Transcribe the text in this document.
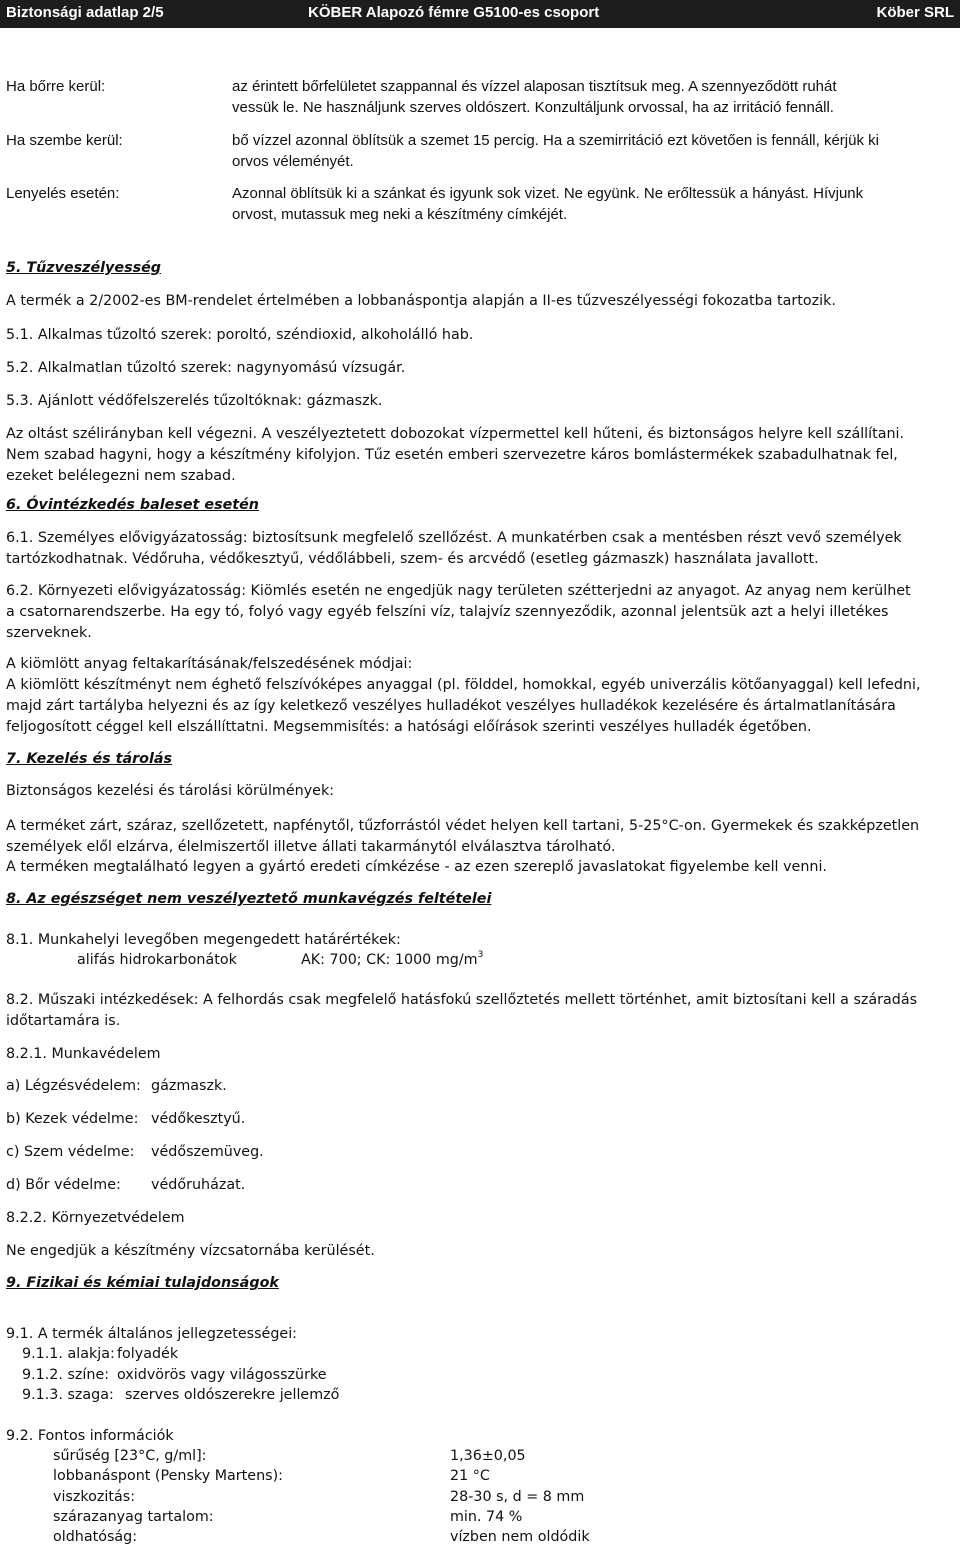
Biztonsági adatlap 2/5	KÖBER Alapozó fémre G5100-es csoport	Köber SRL
Ha bőrre kerül:	az érintett bőrfelületet szappannal és vízzel alaposan tisztítsuk meg. A szennyeződött ruhát
vessük le. Ne használjunk szerves oldószert. Konzultáljunk orvossal, ha az irritáció fennáll.
Ha szembe kerül:	bő vízzel azonnal öblítsük a szemet 15 percig. Ha a szemirritáció ezt követően is fennáll, kérjük ki
orvos véleményét.
Lenyelés esetén:	Azonnal öblítsük ki a szánkat és igyunk sok vizet. Ne együnk. Ne erőltessük a hányást. Hívjunk
orvost, mutassuk meg neki a készítmény címkéjét.
5. Tűzveszélyesség
A termék a 2/2002-es BM-rendelet értelmében a lobbanáspontja alapján a II-es tűzveszélyességi fokozatba tartozik.
5.1. Alkalmas tűzoltó szerek: poroltó, széndioxid, alkoholálló hab.
5.2. Alkalmatlan tűzoltó szerek: nagynyomású vízsugár.
5.3. Ajánlott védőfelszerelés tűzoltóknak: gázmaszk.
Az oltást szélirányban kell végezni. A veszélyeztetett dobozokat vízpermettel kell hűteni, és biztonságos helyre kell szállítani.
Nem szabad hagyni, hogy a készítmény kifolyjon. Tűz esetén emberi szervezetre káros bomlástermékek szabadulhatnak fel,
ezeket belélegezni nem szabad.
6. Óvintézkedés baleset esetén
6.1. Személyes elővigyázatosság: biztosítsunk megfelelő szellőzést. A munkatérben csak a mentésben részt vevő személyek
tartózkodhatnak. Védőruha, védőkesztyű, védőlábbeli, szem- és arcvédő (esetleg gázmaszk) használata javallott.
6.2. Környezeti elővigyázatosság: Kiömlés esetén ne engedjük nagy területen szétterjedni az anyagot. Az anyag nem kerülhet
a csatornarendszerbe. Ha egy tó, folyó vagy egyéb felszíni víz, talajvíz szennyeződik, azonnal jelentsük azt a helyi illetékes
szerveknek.
A kiömlött anyag feltakarításának/felszedésének módjai:
A kiömlött készítményt nem éghető felszívóképes anyaggal (pl. földdel, homokkal, egyéb univerzális kötőanyaggal) kell lefedni,
majd zárt tartályba helyezni és az így keletkező veszélyes hulladékot veszélyes hulladékok kezelésére és ártalmatlanítására
feljogosított céggel kell elszállíttatni. Megsemmisítés: a hatósági előírások szerinti veszélyes hulladék égetőben.
7. Kezelés és tárolás
Biztonságos kezelési és tárolási körülmények:
A terméket zárt, száraz, szellőzetett, napfénytől, tűzforrástól védet helyen kell tartani, 5-25°C-on. Gyermekek és szakképzetlen
személyek elől elzárva, élelmiszertől illetve állati takarmánytól elválasztva tárolható.
A terméken megtalálható legyen a gyártó eredeti címkézése - az ezen szereplő javaslatokat figyelembe kell venni.
8. Az egészséget nem veszélyeztető munkavégzés feltételei
8.1. Munkahelyi levegőben megengedett határértékek:
alifás hidrokarbonátok	AK: 700; CK: 1000 $mg/m^3$
8.2. Műszaki intézkedések: A felhordás csak megfelelő hatásfokú szellőztetés mellett történhet, amit biztosítani kell a száradás
időtartamára is.
8.2.1. Munkavédelem
a) Légzésvédelem: gázmaszk.
b) Kezek védelme: védőkesztyű.
c) Szem védelme: védőszemüveg.
d) Bőr védelme: védőruházat.
8.2.2. Környezetvédelem
Ne engedjük a készítmény vízcsatornába kerülését.
9. Fizikai és kémiai tulajdonságok
9.1. A termék általános jellegzetességei:
9.1.1. alakja: folyadék
9.1.2. színe: oxidvörös vagy világosszürke
9.1.3. szaga: szerves oldószerekre jellemző
9.2. Fontos információk
sűrűség [23°C, g/ml]:	1,36±0,05
lobbanáspont (Pensky Martens):	21 °C
viszkozitás:	28-30 s, d = 8 mm
szárazanyag tartalom:	min. 74 %
oldhatóság:	vízben nem oldódik
